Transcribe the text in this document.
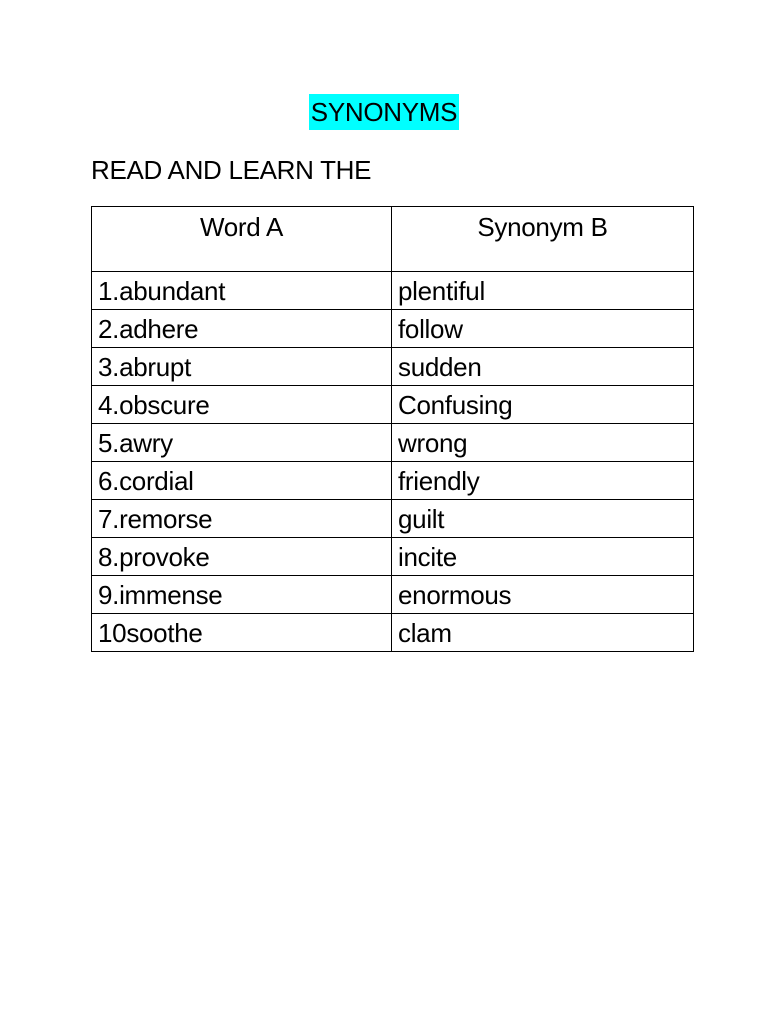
SYNONYMS
READ AND LEARN THE
Word A	Synonym B
1.abundant	plentiful
2.adhere	follow
3.abrupt	sudden
4.obscure	Confusing
5.awry	wrong
6.cordial	friendly
7.remorse	guilt
8.provoke	incite
9.immense	enormous
10soothe	clam
